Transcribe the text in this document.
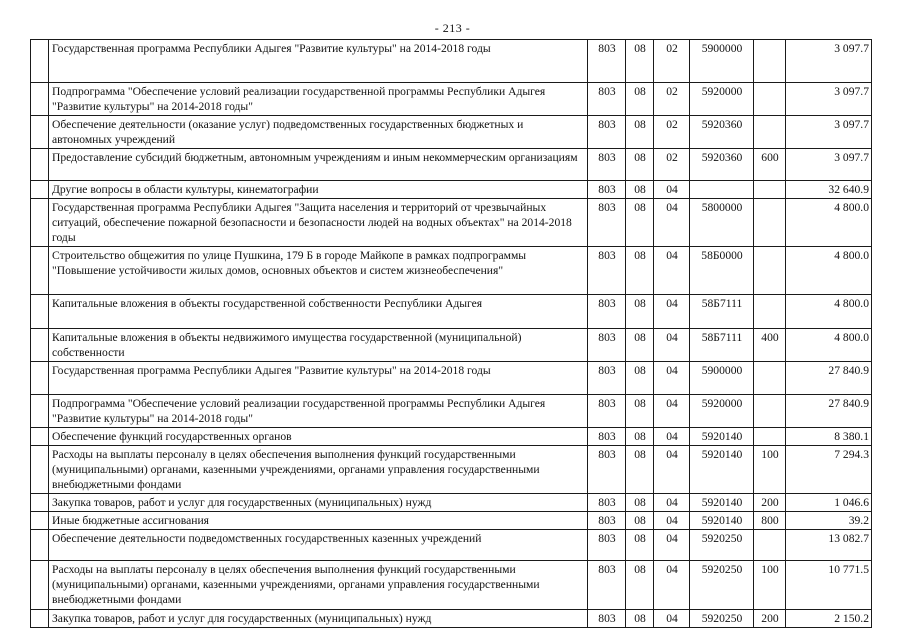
- 213 -
	Государственная программа Республики Адыгея "Развитие культуры" на 2014-2018 годы	803	08	02	5900000		3 097.7
	Подпрограмма "Обеспечение условий реализации государственной программы Республики Адыгея "Развитие культуры" на 2014-2018 годы"	803	08	02	5920000		3 097.7
	Обеспечение деятельности (оказание услуг) подведомственных государственных бюджетных и автономных учреждений	803	08	02	5920360		3 097.7
	Предоставление субсидий бюджетным, автономным учреждениям и иным некоммерческим организациям	803	08	02	5920360	600	3 097.7
	Другие вопросы в области культуры, кинематографии	803	08	04			32 640.9
	Государственная программа Республики Адыгея "Защита населения и территорий от чрезвычайных ситуаций, обеспечение пожарной безопасности и безопасности людей на водных объектах" на 2014-2018 годы	803	08	04	5800000		4 800.0
	Строительство общежития по улице Пушкина, 179 Б в городе Майкопе в рамках подпрограммы "Повышение устойчивости жилых домов, основных объектов и систем жизнеобеспечения"	803	08	04	58Б0000		4 800.0
	Капитальные вложения в объекты государственной собственности Республики Адыгея	803	08	04	58Б7111		4 800.0
	Капитальные вложения в объекты недвижимого имущества государственной (муниципальной) собственности	803	08	04	58Б7111	400	4 800.0
	Государственная программа Республики Адыгея "Развитие культуры" на 2014-2018 годы	803	08	04	5900000		27 840.9
	Подпрограмма "Обеспечение условий реализации государственной программы Республики Адыгея "Развитие культуры" на 2014-2018 годы"	803	08	04	5920000		27 840.9
	Обеспечение функций государственных органов	803	08	04	5920140		8 380.1
	Расходы на выплаты персоналу в целях обеспечения выполнения функций государственными (муниципальными) органами, казенными учреждениями, органами управления государственными внебюджетными фондами	803	08	04	5920140	100	7 294.3
	Закупка товаров, работ и услуг для государственных (муниципальных) нужд	803	08	04	5920140	200	1 046.6
	Иные бюджетные ассигнования	803	08	04	5920140	800	39.2
	Обеспечение деятельности подведомственных государственных казенных учреждений	803	08	04	5920250		13 082.7
	Расходы на выплаты персоналу в целях обеспечения выполнения функций государственными (муниципальными) органами, казенными учреждениями, органами управления государственными внебюджетными фондами	803	08	04	5920250	100	10 771.5
	Закупка товаров, работ и услуг для государственных (муниципальных) нужд	803	08	04	5920250	200	2 150.2
